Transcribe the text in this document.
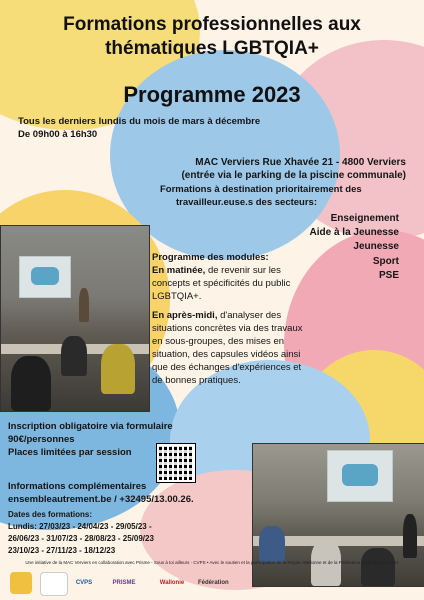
Formations professionnelles aux
thématiques LGBTQIA+
Programme 2023
Tous les derniers lundis du mois de mars à décembre
De 09h00 à 16h30
MAC Verviers Rue Xhavée 21 - 4800 Verviers
(entrée via le parking de la piscine communale)
Formations à destination prioritairement des
travailleur.euse.s des secteurs:
Enseignement
Aide à la Jeunesse
Jeunesse
Sport
PSE
Programme des modules:
En matinée, de revenir sur les
concepts et spécificités du public
LGBTQIA+.
En après-midi, d'analyser des
situations concrètes via des travaux
en sous-groupes, des mises en
situation, des capsules vidéos ainsi
que des échanges d'expériences et
de bonnes pratiques.
Inscription obligatoire via formulaire
90€/personnes
Places limitées par session
Informations complémentaires
ensembleautrement.be / +32495/13.00.26.
Dates des formations:
Lundis: 27/03/23 - 24/04/23 - 29/05/23 -
26/06/23 - 31/07/23 - 28/08/23 - 25/09/23
23/10/23 - 27/11/23 - 18/12/23
Une initiative de la MAC Verviers en collaboration avec Prisme - Sous à toi ailleurs · CVPS • Avec le soutien et la participation de la Région Wallonne et de la Fédération Wallonie-Bruxelles
CVPS	PRISME	Wallonie	Fédération
